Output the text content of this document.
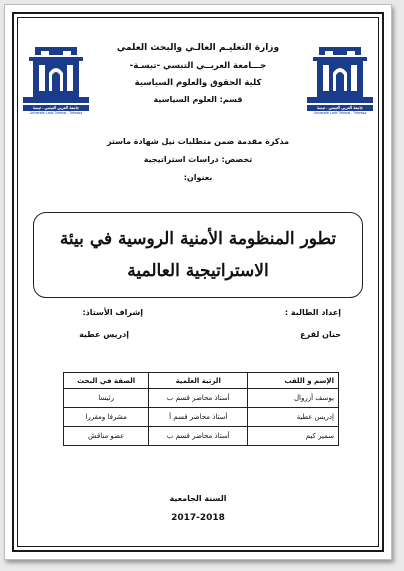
جامعة العربي التبسي - تبسة
Université Larbi Tébessi - Tébessa
جامعة العربي التبسي - تبسة
Université Larbi Tébessi - Tébessa
وزارة التعليـم العالـي والبحث العلمي
جـــامعة العربــي التبسي -تبسـة-
كلية الحقوق والعلوم السياسية
قسم: العلوم السياسية
مذكرة مقدمة ضمن متطلبات نيل شهادة ماستر
تخصص: دراسات استراتيجية
بعنوان:
تطور المنظومة الأمنية الروسية في بيئة
الاستراتيجية العالمية
إعداد الطالبة :
حنان لقرع
إشراف الأستاذ:
إدريس عطية
الإسم و اللقب	الرتبة العلمية	الصفة في البحث
يوسف أزروال	أستاذ محاضر قسم ب	رئيسا
إدريس عطية	أستاذ محاضر قسم أ	مشرفا ومقررا
سمير كيم	أستاذ محاضر قسم ب	عضو مناقش
السنة الجامعية
2017-2018
